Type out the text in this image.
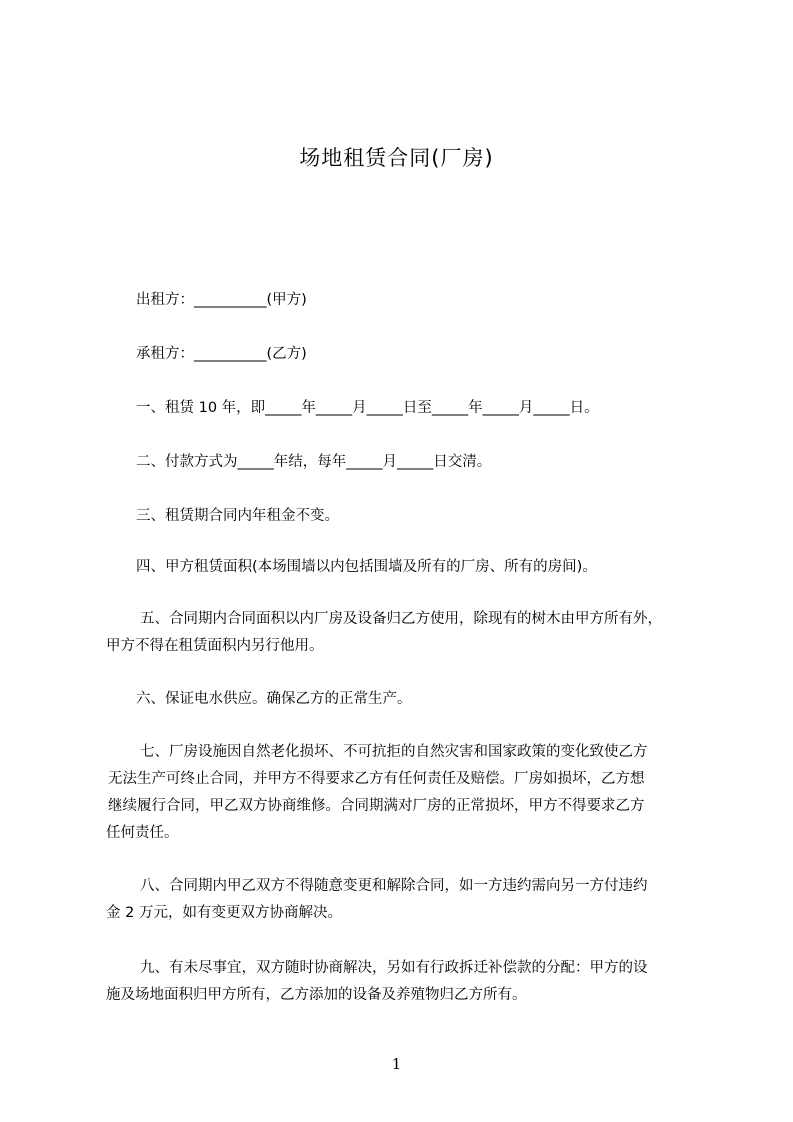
场地租赁合同(厂房)
出租方：__________(甲方)
承租方：__________(乙方)
一、租赁 10 年，即_____年_____月_____日至_____年_____月_____日。
二、付款方式为_____年结，每年_____月_____日交清。
三、租赁期合同内年租金不变。
四、甲方租赁面积(本场围墙以内包括围墙及所有的厂房、所有的房间)。
五、合同期内合同面积以内厂房及设备归乙方使用，除现有的树木由甲方所有外，
甲方不得在租赁面积内另行他用。
六、保证电水供应。确保乙方的正常生产。
七、厂房设施因自然老化损坏、不可抗拒的自然灾害和国家政策的变化致使乙方
无法生产可终止合同，并甲方不得要求乙方有任何责任及赔偿。厂房如损坏，乙方想
继续履行合同，甲乙双方协商维修。合同期满对厂房的正常损坏，甲方不得要求乙方
任何责任。
八、合同期内甲乙双方不得随意变更和解除合同，如一方违约需向另一方付违约
金 2 万元，如有变更双方协商解决。
九、有未尽事宜，双方随时协商解决，另如有行政拆迁补偿款的分配：甲方的设
施及场地面积归甲方所有，乙方添加的设备及养殖物归乙方所有。
1
